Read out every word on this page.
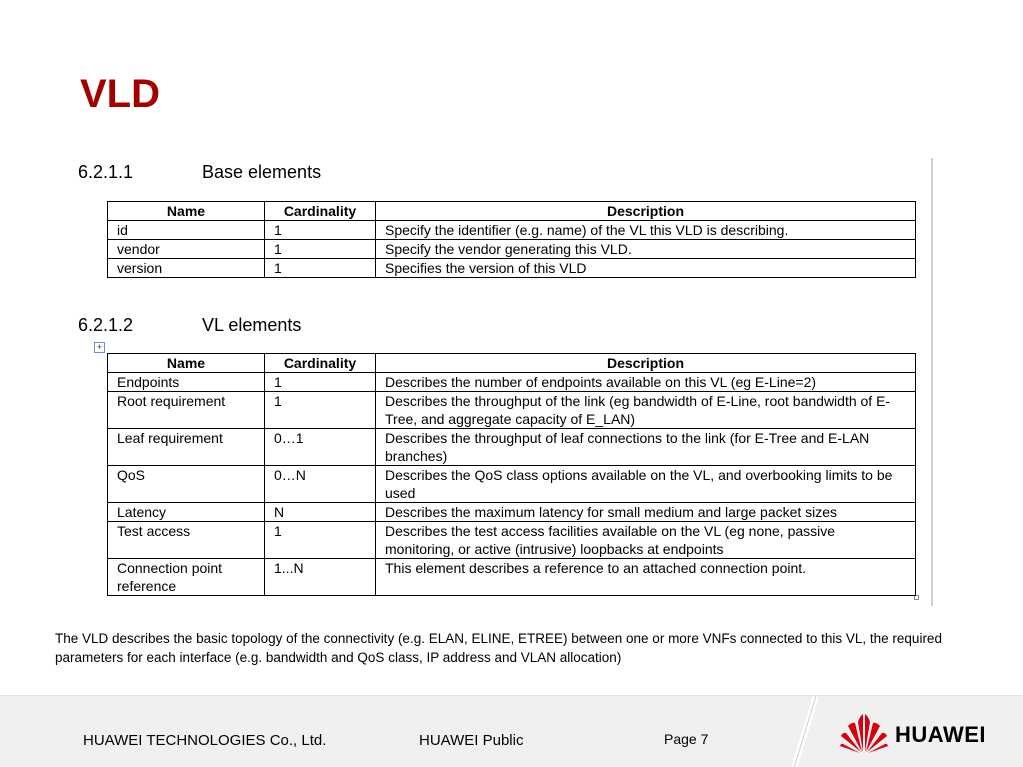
VLD
6.2.1.1	Base elements
Name	Cardinality	Description
id	1	Specify the identifier (e.g. name) of the VL this VLD is describing.
vendor	1	Specify the vendor generating this VLD.
version	1	Specifies the version of this VLD
6.2.1.2	VL elements
+
Name	Cardinality	Description
Endpoints	1	Describes the number of endpoints available on this VL (eg E-Line=2)
Root requirement	1	Describes the throughput of the link (eg bandwidth of E-Line, root bandwidth of E-Tree, and aggregate capacity of E_LAN)
Leaf requirement	0…1	Describes the throughput of leaf connections to the link (for E-Tree and E-LAN branches)
QoS	0…N	Describes the QoS class options available on the VL, and overbooking limits to be used
Latency	N	Describes the maximum latency for small medium and large packet sizes
Test access	1	Describes the test access facilities available on the VL (eg none, passive monitoring, or active (intrusive) loopbacks at endpoints
Connection point reference	1...N	This element describes a reference to an attached connection point.
The VLD describes the basic topology of the connectivity (e.g. ELAN, ELINE, ETREE) between one or more VNFs connected to this VL, the required parameters for each interface (e.g. bandwidth and QoS class, IP address and VLAN allocation)
HUAWEI TECHNOLOGIES Co., Ltd.	HUAWEI Public	Page 7	HUAWEI
